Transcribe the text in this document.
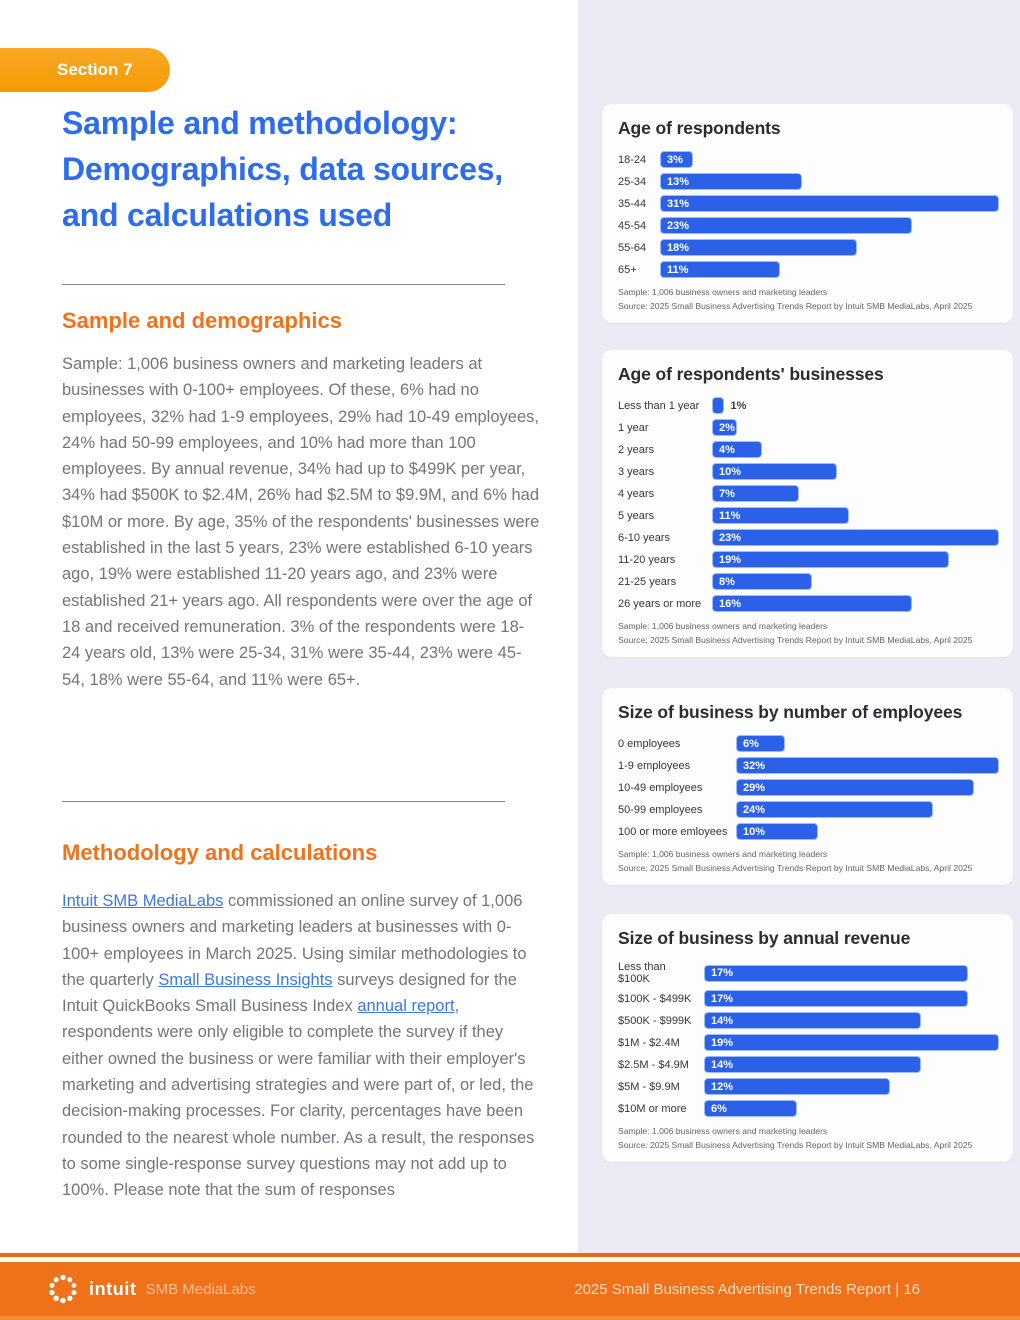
Section 7
Sample and methodology:
Demographics, data sources,
and calculations used
Sample and demographics
Sample: 1,006 business owners and marketing leaders at businesses with 0-100+ employees. Of these, 6% had no employees, 32% had 1-9 employees, 29% had 10-49 employees, 24% had 50-99 employees, and 10% had more than 100 employees. By annual revenue, 34% had up to $499K per year, 34% had $500K to $2.4M, 26% had $2.5M to $9.9M, and 6% had $10M or more. By age, 35% of the respondents' businesses were established in the last 5 years, 23% were established 6-10 years ago, 19% were established 11-20 years ago, and 23% were established 21+ years ago. All respondents were over the age of 18 and received remuneration. 3% of the respondents were 18-24 years old, 13% were 25-34, 31% were 35-44, 23% were 45-54, 18% were 55-64, and 11% were 65+.
Methodology and calculations
Intuit SMB MediaLabs commissioned an online survey of 1,006 business owners and marketing leaders at businesses with 0-100+ employees in March 2025. Using similar methodologies to the quarterly Small Business Insights surveys designed for the Intuit QuickBooks Small Business Index annual report, respondents were only eligible to complete the survey if they either owned the business or were familiar with their employer's marketing and advertising strategies and were part of, or led, the decision-making processes. For clarity, percentages have been rounded to the nearest whole number. As a result, the responses to some single-response survey questions may not add up to 100%. Please note that the sum of responses
Age of respondents
18-24	3%
25-34	13%
35-44	31%
45-54	23%
55-64	18%
65+	11%
Sample: 1,006 business owners and marketing leaders
Source: 2025 Small Business Advertising Trends Report by Intuit SMB MediaLabs, April 2025
Age of respondents' businesses
Less than 1 year	1%
1 year	2%
2 years	4%
3 years	10%
4 years	7%
5 years	11%
6-10 years	23%
11-20 years	19%
21-25 years	8%
26 years or more	16%
Sample: 1,006 business owners and marketing leaders
Source: 2025 Small Business Advertising Trends Report by Intuit SMB MediaLabs, April 2025
Size of business by number of employees
0 employees	6%
1-9 employees	32%
10-49 employees	29%
50-99 employees	24%
100 or more emloyees	10%
Sample: 1,006 business owners and marketing leaders
Source: 2025 Small Business Advertising Trends Report by Intuit SMB MediaLabs, April 2025
Size of business by annual revenue
Less than $100K	17%
$100K - $499K	17%
$500K - $999K	14%
$1M - $2.4M	19%
$2.5M - $4.9M	14%
$5M - $9.9M	12%
$10M or more	6%
Sample: 1,006 business owners and marketing leaders
Source: 2025 Small Business Advertising Trends Report by Intuit SMB MediaLabs, April 2025
intuit SMB MediaLabs	2025 Small Business Advertising Trends Report | 16
